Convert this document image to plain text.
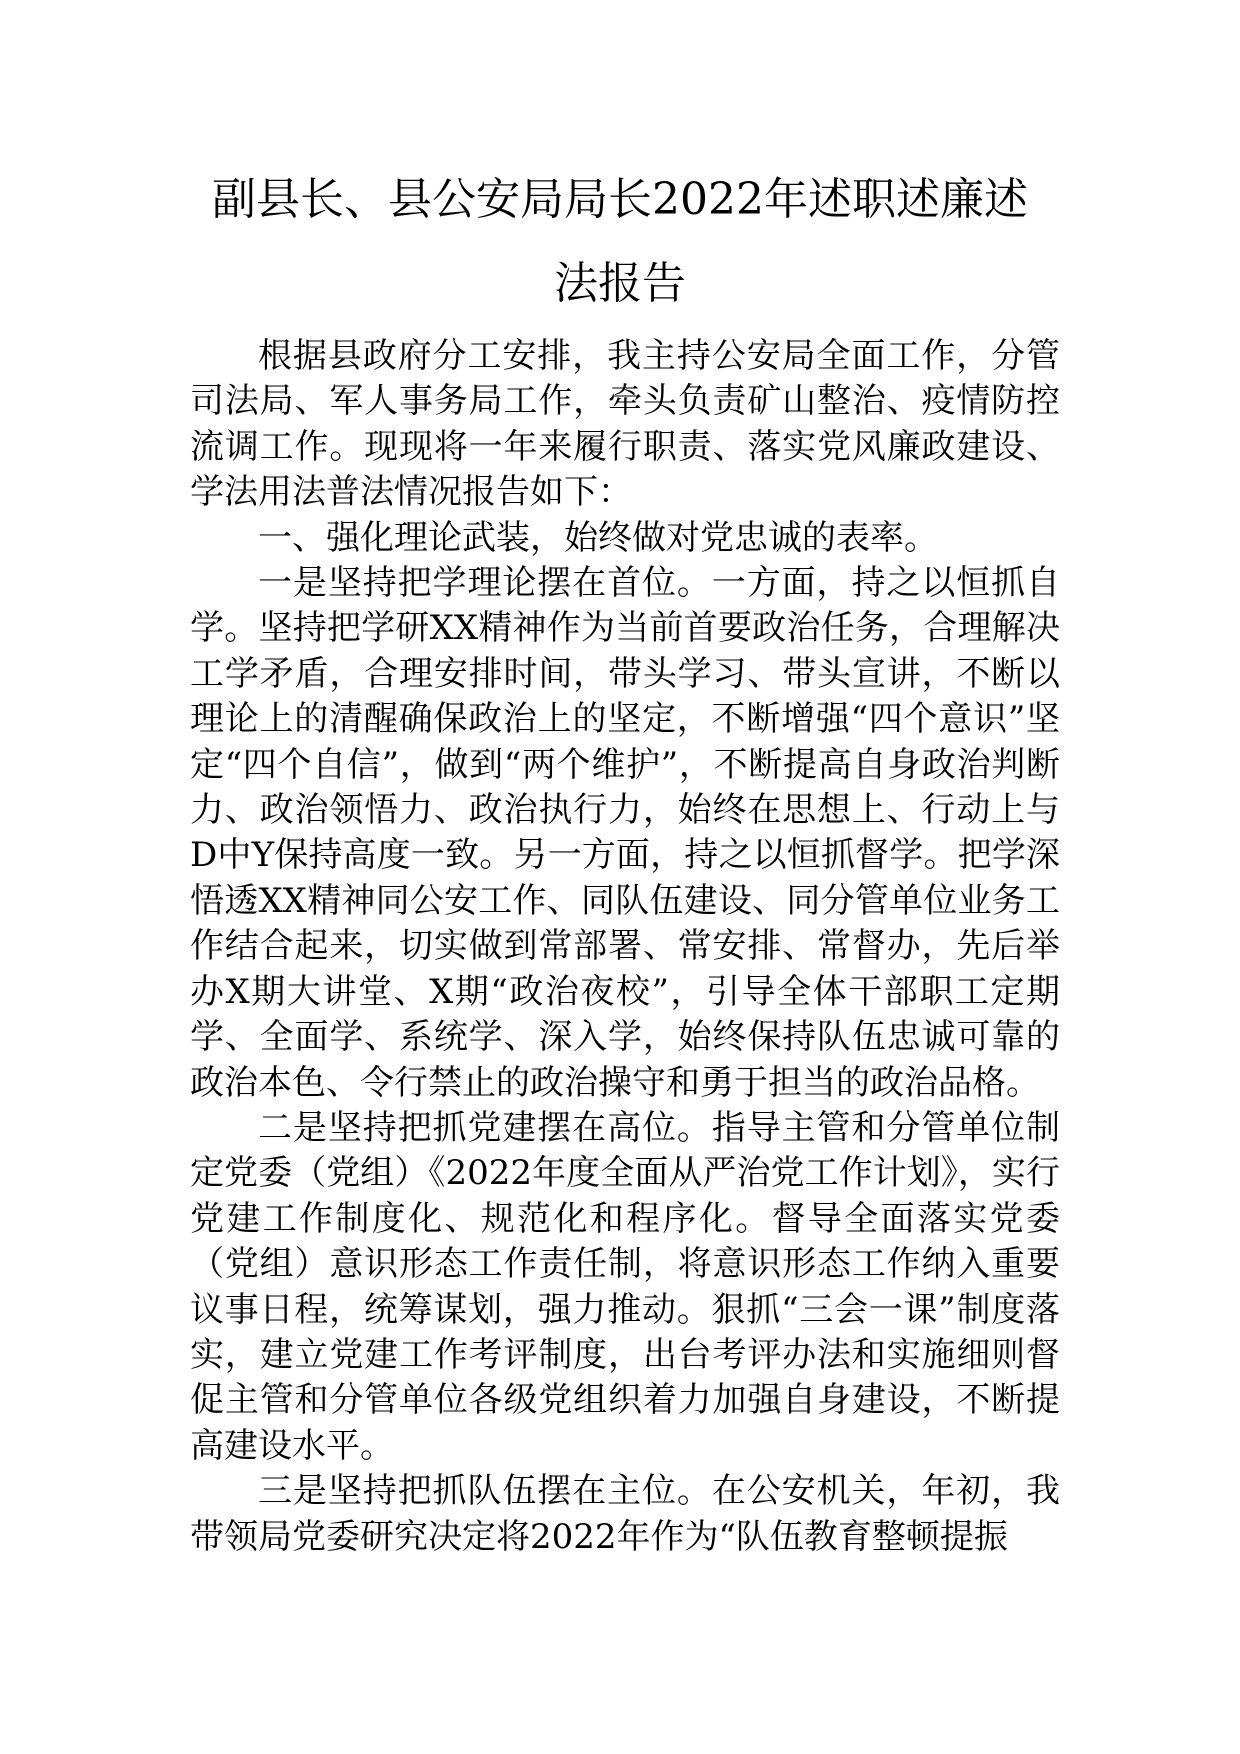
副县长、县公安局局长2022年述职述廉述
法报告

根据县政府分工安排，我主持公安局全面工作，分管司法局、军人事务局工作，牵头负责矿山整治、疫情防控流调工作。现现将一年来履行职责、落实党风廉政建设、学法用法普法情况报告如下：

一、强化理论武装，始终做对党忠诚的表率。

一是坚持把学理论摆在首位。一方面，持之以恒抓自学。坚持把学研XX精神作为当前首要政治任务，合理解决工学矛盾，合理安排时间，带头学习、带头宣讲，不断以理论上的清醒确保政治上的坚定，不断增强“四个意识”坚定“四个自信”，做到“两个维护”，不断提高自身政治判断力、政治领悟力、政治执行力，始终在思想上、行动上与D中Y保持高度一致。另一方面，持之以恒抓督学。把学深悟透XX精神同公安工作、同队伍建设、同分管单位业务工作结合起来，切实做到常部署、常安排、常督办，先后举办X期大讲堂、X期“政治夜校”，引导全体干部职工定期学、全面学、系统学、深入学，始终保持队伍忠诚可靠的政治本色、令行禁止的政治操守和勇于担当的政治品格。

二是坚持把抓党建摆在高位。指导主管和分管单位制定党委（党组）《2022年度全面从严治党工作计划》，实行党建工作制度化、规范化和程序化。督导全面落实党委（党组）意识形态工作责任制，将意识形态工作纳入重要议事日程，统筹谋划，强力推动。狠抓“三会一课”制度落实，建立党建工作考评制度，出台考评办法和实施细则督促主管和分管单位各级党组织着力加强自身建设，不断提高建设水平。

三是坚持把抓队伍摆在主位。在公安机关，年初，我带领局党委研究决定将2022年作为“队伍教育整顿提振
